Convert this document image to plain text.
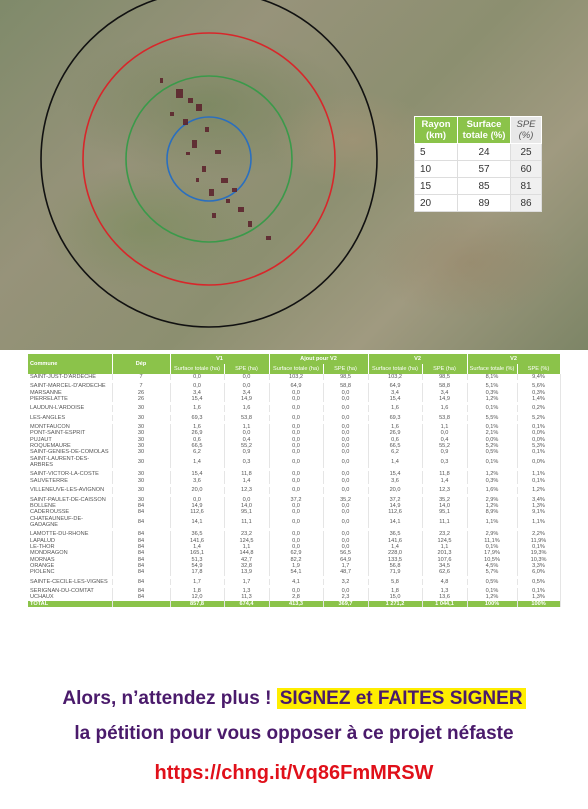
Rayon (km)	Surface totale (%)	SPE (%)
5	24	25
10	57	60
15	85	81
20	89	86
Commune	Dép	V1		Ajout pour V2		V2		V2	
		Surface totale (ha)	SPE (ha)	Surface totale (ha)	SPE (ha)	Surface totale (ha)	SPE (ha)	Surface totale (%)	SPE (%)
SAINT-JUST-D'ARDECHE	7	0,0	0,0	103,2	98,5	103,2	98,5	8,1%	9,4%

SAINT-MARCEL-D'ARDECHE	7	0,0	0,0	64,9	58,8	64,9	58,8	5,1%	5,6%
MARSANNE	26	3,4	3,4	0,0	0,0	3,4	3,4	0,3%	0,3%
PIERRELATTE	26	15,4	14,9	0,0	0,0	15,4	14,9	1,2%	1,4%

LAUDUN-L'ARDOISE	30	1,6	1,6	0,0	0,0	1,6	1,6	0,1%	0,2%

LES-ANGLES	30	69,3	53,8	0,0	0,0	69,3	53,8	5,5%	5,2%

MONTFAUCON	30	1,6	1,1	0,0	0,0	1,6	1,1	0,1%	0,1%
PONT-SAINT-ESPRIT	30	26,9	0,0	0,0	0,0	26,9	0,0	2,1%	0,0%
PUJAUT	30	0,6	0,4	0,0	0,0	0,6	0,4	0,0%	0,0%
ROQUEMAURE	30	66,5	55,2	0,0	0,0	66,5	55,2	5,2%	5,3%
SAINT-GENIES-DE-COMOLAS	30	6,2	0,9	0,0	0,0	6,2	0,9	0,5%	0,1%
SAINT-LAURENT-DES-ARBRES	30	1,4	0,3	0,0	0,0	1,4	0,3	0,1%	0,0%

SAINT-VICTOR-LA-COSTE	30	15,4	11,8	0,0	0,0	15,4	11,8	1,2%	1,1%
SAUVETERRE	30	3,6	1,4	0,0	0,0	3,6	1,4	0,3%	0,1%

VILLENEUVE-LES-AVIGNON	30	20,0	12,3	0,0	0,0	20,0	12,3	1,6%	1,2%

SAINT-PAULET-DE-CAISSON	30	0,0	0,0	37,2	35,2	37,2	35,2	2,9%	3,4%
BOLLENE	84	14,9	14,0	0,0	0,0	14,9	14,0	1,2%	1,3%
CADEROUSSE	84	112,6	95,1	0,0	0,0	112,6	95,1	8,9%	9,1%
CHATEAUNEUF-DE-GADAGNE	84	14,1	11,1	0,0	0,0	14,1	11,1	1,1%	1,1%

LAMOTTE-DU-RHONE	84	36,5	23,2	0,0	0,0	36,5	23,2	2,9%	2,2%
LAPALUD	84	141,6	124,5	0,0	0,0	141,6	124,5	11,1%	11,9%
LE-THOR	84	1,4	1,1	0,0	0,0	1,4	1,1	0,1%	0,1%
MONDRAGON	84	165,1	144,8	62,9	56,5	228,0	201,3	17,9%	19,3%
MORNAS	84	51,3	42,7	82,2	64,9	133,5	107,6	10,5%	10,3%
ORANGE	84	54,9	32,8	1,9	1,7	56,8	34,5	4,5%	3,3%
PIOLENC	84	17,8	13,9	54,1	48,7	71,9	62,6	5,7%	6,0%

SAINTE-CECILE-LES-VIGNES	84	1,7	1,7	4,1	3,2	5,8	4,8	0,5%	0,5%

SERIGNAN-DU-COMTAT	84	1,8	1,3	0,0	0,0	1,8	1,3	0,1%	0,1%
UCHAUX	84	12,0	11,3	2,8	2,3	15,0	13,6	1,2%	1,3%
TOTAL		857,8	674,4	413,3	369,7	1 271,2	1 044,1	100%	100%
Alors, n’attendez plus ! SIGNEZ et FAITES SIGNER
la pétition pour vous opposer à ce projet néfaste
https://chng.it/Vq86FmMRSW
